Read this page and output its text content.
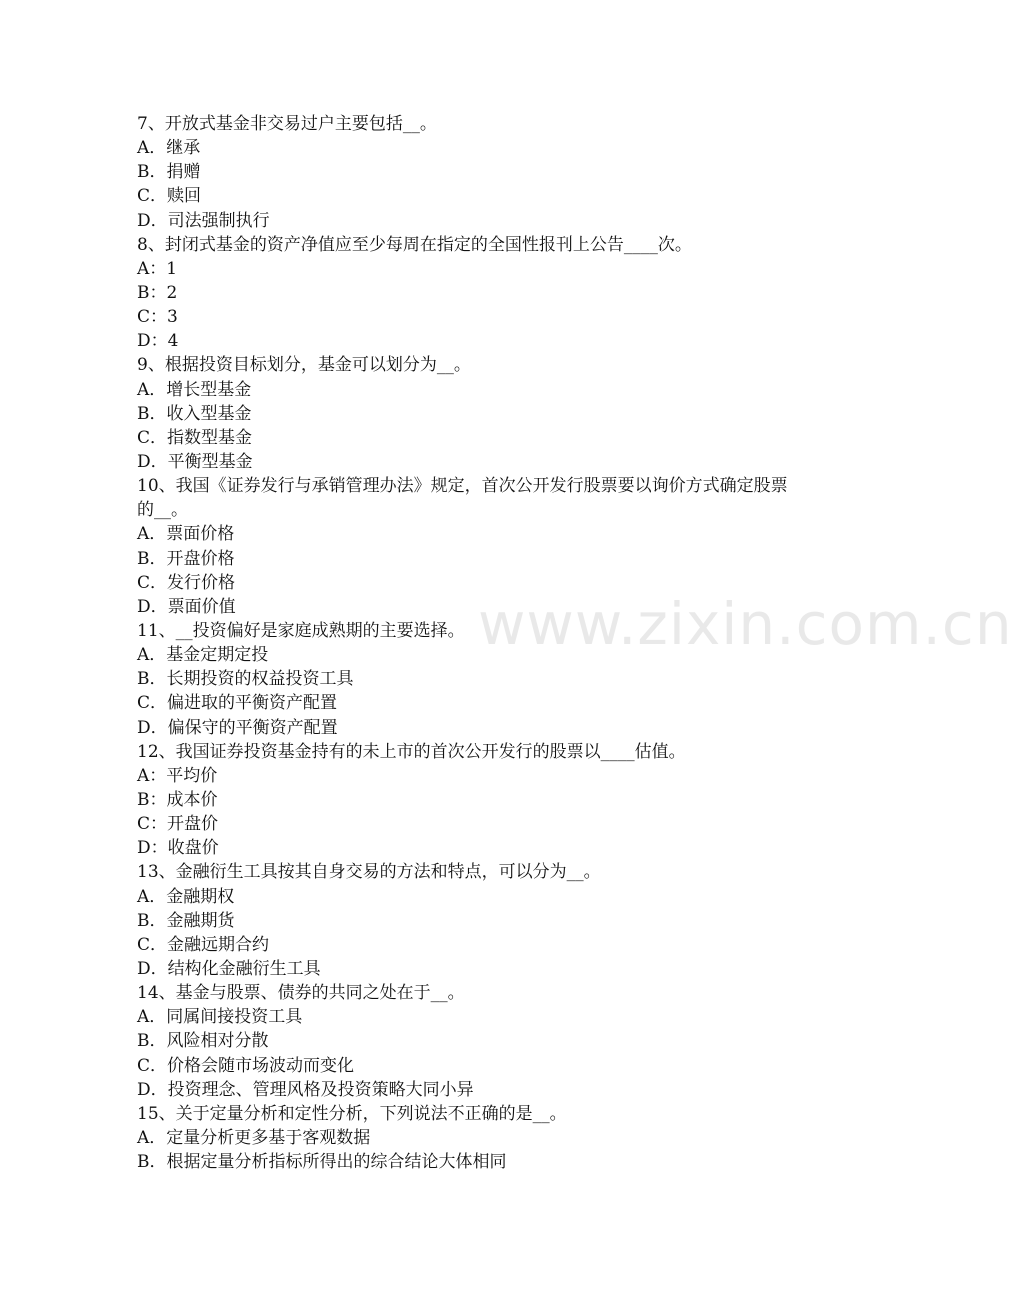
7、开放式基金非交易过户主要包括__。
A．继承
B．捐赠
C．赎回
D．司法强制执行
8、封闭式基金的资产净值应至少每周在指定的全国性报刊上公告____次。
A：1
B：2
C：3
D：4
9、根据投资目标划分，基金可以划分为__。
A．增长型基金
B．收入型基金
C．指数型基金
D．平衡型基金
10、我国《证券发行与承销管理办法》规定，首次公开发行股票要以询价方式确定股票的__。
A．票面价格
B．开盘价格
C．发行价格
D．票面价值
11、__投资偏好是家庭成熟期的主要选择。
A．基金定期定投
B．长期投资的权益投资工具
C．偏进取的平衡资产配置
D．偏保守的平衡资产配置
12、我国证券投资基金持有的未上市的首次公开发行的股票以____估值。
A：平均价
B：成本价
C：开盘价
D：收盘价
13、金融衍生工具按其自身交易的方法和特点，可以分为__。
A．金融期权
B．金融期货
C．金融远期合约
D．结构化金融衍生工具
14、基金与股票、债券的共同之处在于__。
A．同属间接投资工具
B．风险相对分散
C．价格会随市场波动而变化
D．投资理念、管理风格及投资策略大同小异
15、关于定量分析和定性分析，下列说法不正确的是__。
A．定量分析更多基于客观数据
B．根据定量分析指标所得出的综合结论大体相同
www.zixin.com.cn
